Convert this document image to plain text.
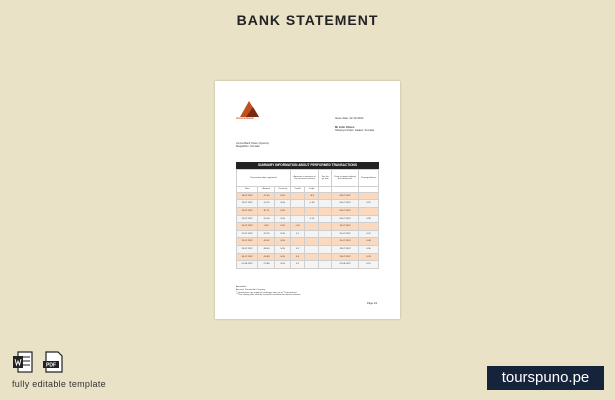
BANK STATEMENT
Amora Bank	Issue date: 22.10.2022
Mr John Citizen
Shawnya Street, Gaalee, Somalia
Amora Bank Tower (Ayaxmi)
Mogadishu, Somalia
SUMMARY INFORMATION ABOUT PERFORMED TRANSACTIONS
Transaction date registered			Amounts in amounts in the account currency		Fee for go rate	Date of report making the transaction	Closing balance
Date	Amount	Currency	Credit	Debit			
18.07.2022	-11.00	SOS		+9.9		08.07.2022	
19.07.2022	-15.20	SOS		+1.80		09.07.2022	0.20
19.07.2022	-91.21	SOS				09.07.2022	
20.07.2022	-20.09	SOS		-1.25		09.07.2022	0.99
20.07.2022	-34.0	SOS	+3.9			10.07.2022	
22.07.2022	-22.33	SOS	0.1			20.07.2022	0.47
23.07.2022	-30.02	SOS				20.07.2022	0.48
26.07.2022	-48.60	SOS	0.2			28.07.2022	0.90
30.07.2022	-16.88	SOS	0.3			28.07.2022	0.33
02.08.2022	-70.88	SOS	0.2			02.08.2022	0.15
Annotation
Account Transaction Currency
* Conversions are made at exchange rates as at "Transactions"
** The closing date shall be issued to calculate the interest amount
Page 1/1
PDF
fully editable template	tourspuno.pe
